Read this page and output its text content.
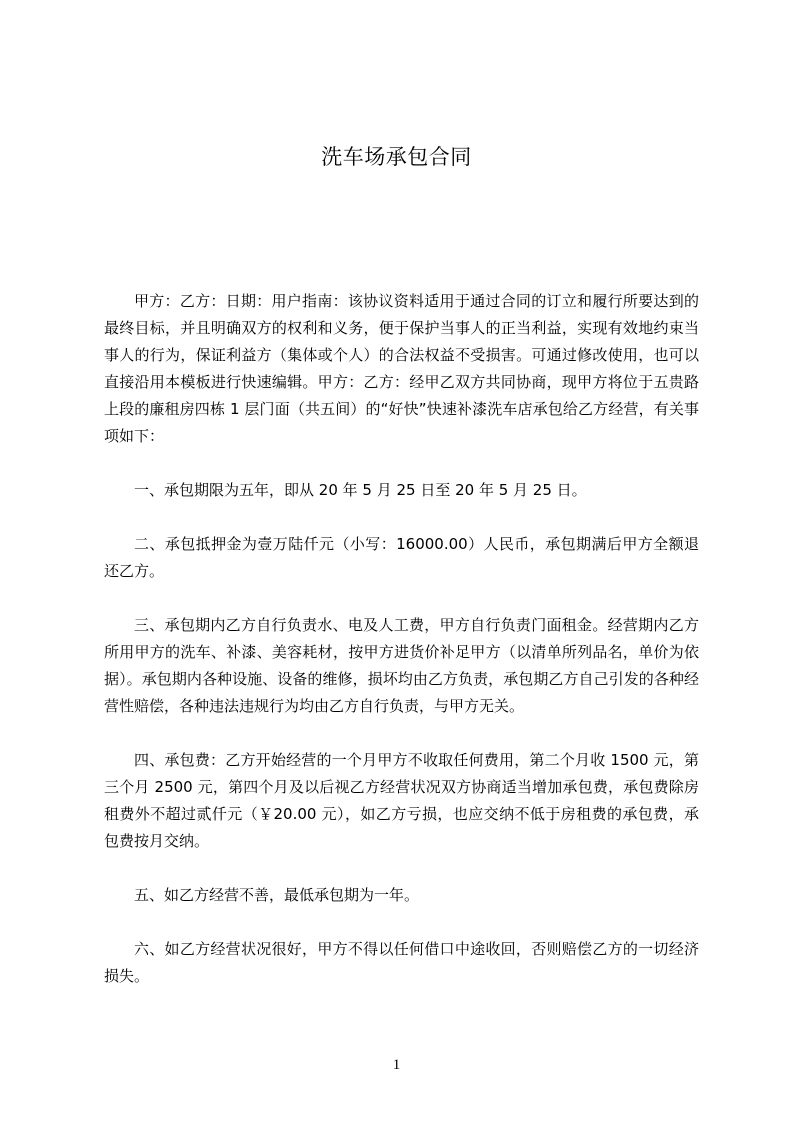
洗车场承包合同

甲方：乙方：日期：用户指南：该协议资料适用于通过合同的订立和履行所要达到的最终目标，并且明确双方的权利和义务，便于保护当事人的正当利益，实现有效地约束当事人的行为，保证利益方（集体或个人）的合法权益不受损害。可通过修改使用，也可以直接沿用本模板进行快速编辑。甲方：乙方：经甲乙双方共同协商，现甲方将位于五贵路上段的廉租房四栋 1 层门面（共五间）的“好快”快速补漆洗车店承包给乙方经营，有关事项如下：

一、承包期限为五年，即从 20 年 5 月 25 日至 20 年 5 月 25 日。

二、承包抵押金为壹万陆仟元（小写：16000.00）人民币，承包期满后甲方全额退还乙方。

三、承包期内乙方自行负责水、电及人工费，甲方自行负责门面租金。经营期内乙方所用甲方的洗车、补漆、美容耗材，按甲方进货价补足甲方（以清单所列品名，单价为依据）。承包期内各种设施、设备的维修，损坏均由乙方负责，承包期乙方自己引发的各种经营性赔偿，各种违法违规行为均由乙方自行负责，与甲方无关。

四、承包费：乙方开始经营的一个月甲方不收取任何费用，第二个月收 1500 元，第三个月 2500 元，第四个月及以后视乙方经营状况双方协商适当增加承包费，承包费除房租费外不超过贰仟元（￥20.00 元），如乙方亏损，也应交纳不低于房租费的承包费，承包费按月交纳。

五、如乙方经营不善，最低承包期为一年。

六、如乙方经营状况很好，甲方不得以任何借口中途收回，否则赔偿乙方的一切经济损失。

1
